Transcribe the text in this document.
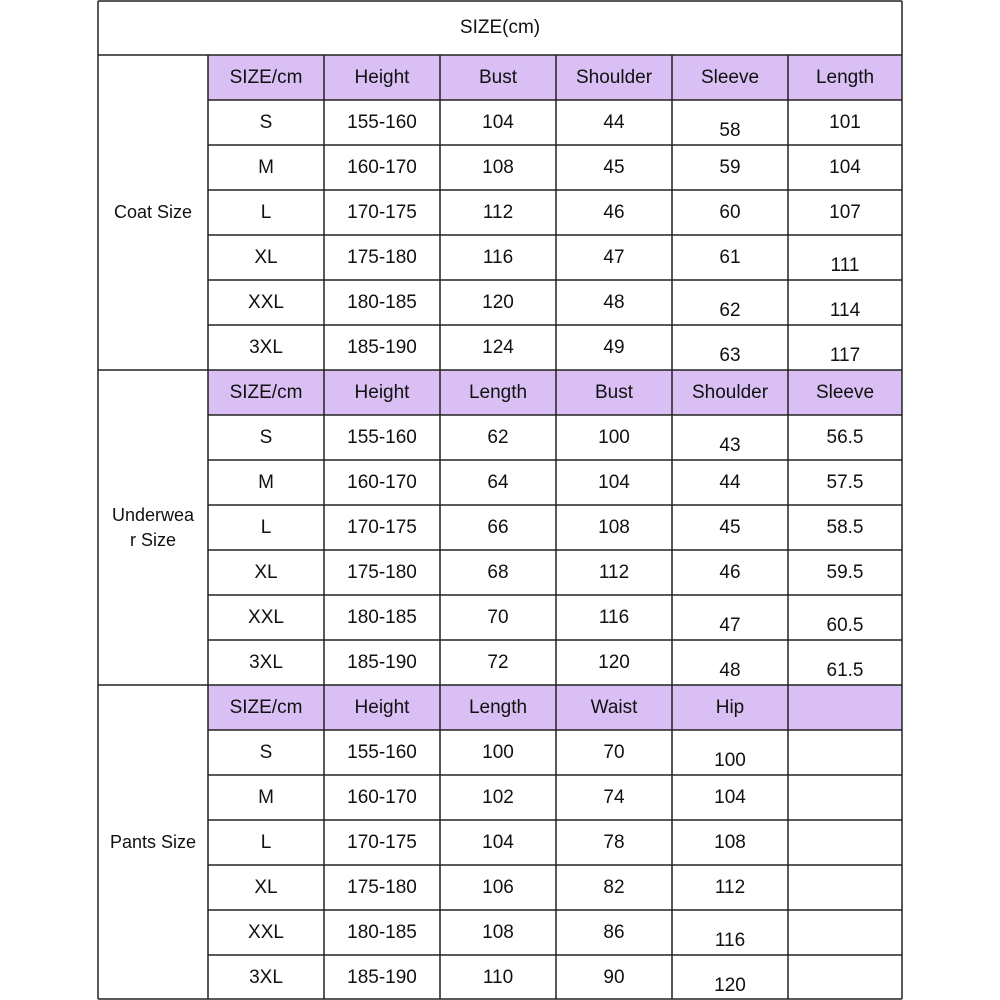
SIZE(cm)
Coat Size
SIZE/cm	Height	Bust	Shoulder	Sleeve	Length
S	155-160	104	44	58	101
M	160-170	108	45	59	104
L	170-175	112	46	60	107
XL	175-180	116	47	61	111
XXL	180-185	120	48	62	114
3XL	185-190	124	49	63	117
Underwea
r Size
SIZE/cm	Height	Length	Bust	Shoulder	Sleeve
S	155-160	62	100	43	56.5
M	160-170	64	104	44	57.5
L	170-175	66	108	45	58.5
XL	175-180	68	112	46	59.5
XXL	180-185	70	116	47	60.5
3XL	185-190	72	120	48	61.5
Pants Size
SIZE/cm	Height	Length	Waist	Hip
S	155-160	100	70	100
M	160-170	102	74	104
L	170-175	104	78	108
XL	175-180	106	82	112
XXL	180-185	108	86	116
3XL	185-190	110	90	120
